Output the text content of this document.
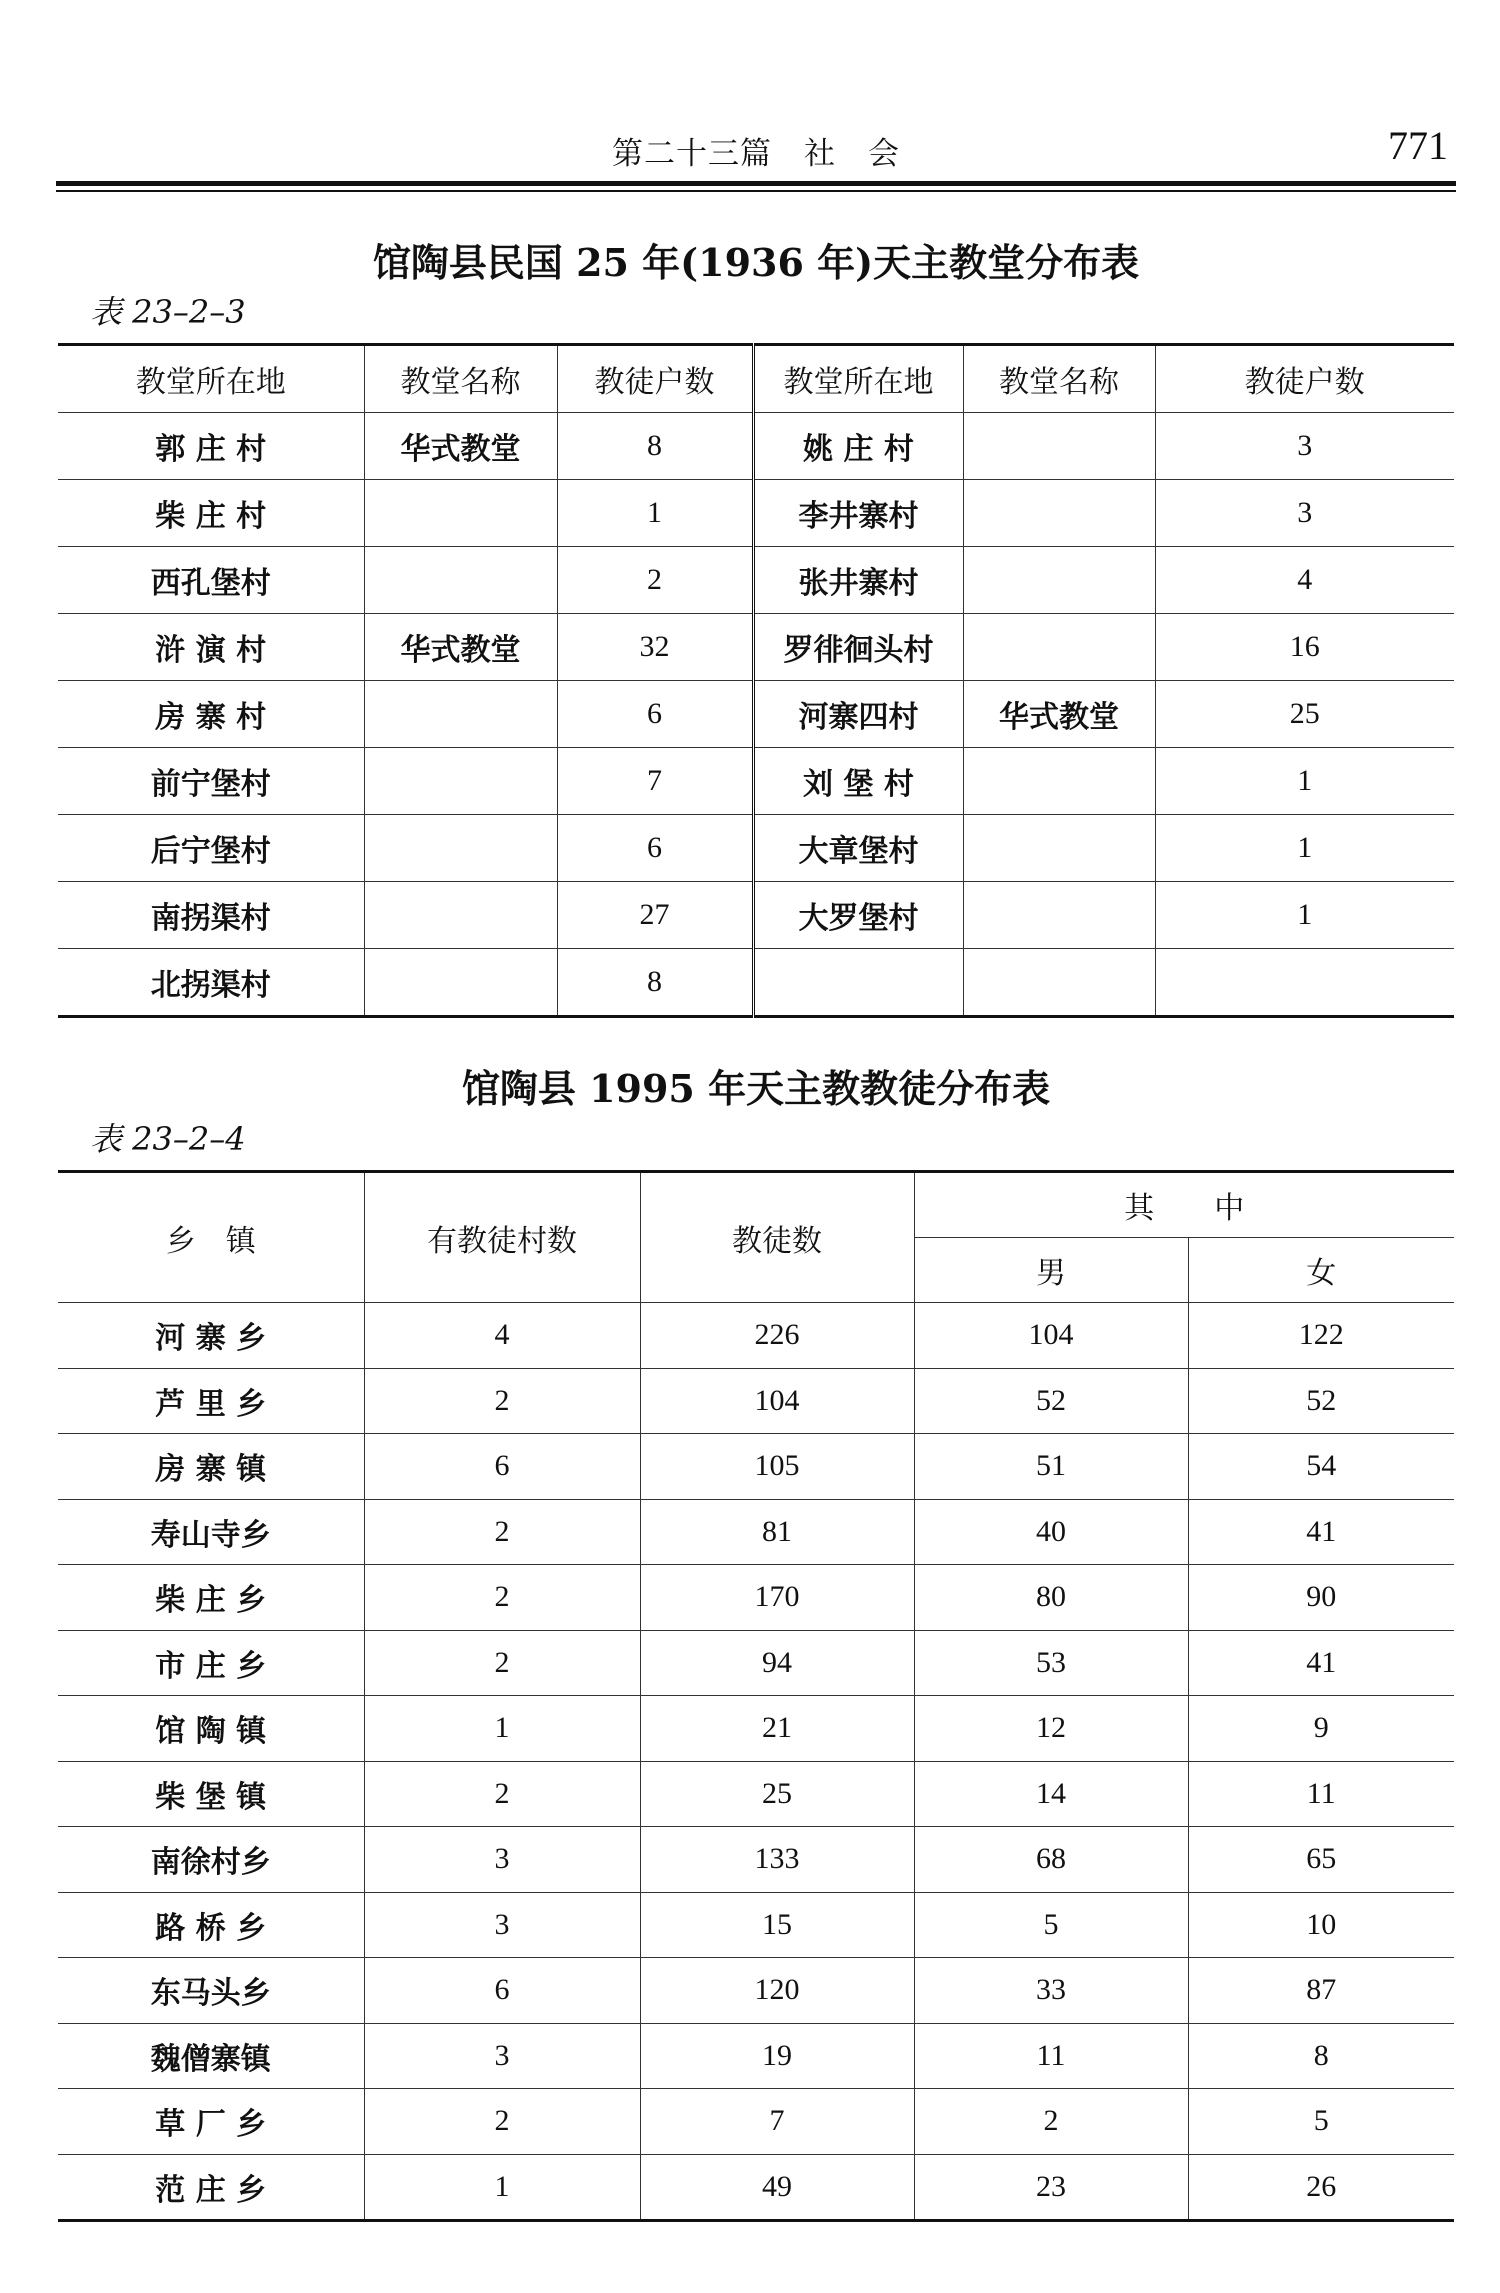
第二十三篇　社　会	771
馆陶县民国 25 年(1936 年)天主教堂分布表
表 23–2–3
教堂所在地	教堂名称	教徒户数	教堂所在地	教堂名称	教徒户数
郭 庄 村	华式教堂	8	姚 庄 村		3
柴 庄 村		1	李井寨村		3
西孔堡村		2	张井寨村		4
浒 演 村	华式教堂	32	罗徘徊头村		16
房 寨 村		6	河寨四村	华式教堂	25
前宁堡村		7	刘 堡 村		1
后宁堡村		6	大章堡村		1
南拐渠村		27	大罗堡村		1
北拐渠村		8			
馆陶县 1995 年天主教教徒分布表
表 23–2–4
乡　镇	有教徒村数	教徒数	其　　中	
			男	女
河 寨 乡	4	226	104	122
芦 里 乡	2	104	52	52
房 寨 镇	6	105	51	54
寿山寺乡	2	81	40	41
柴 庄 乡	2	170	80	90
市 庄 乡	2	94	53	41
馆 陶 镇	1	21	12	9
柴 堡 镇	2	25	14	11
南徐村乡	3	133	68	65
路 桥 乡	3	15	5	10
东马头乡	6	120	33	87
魏僧寨镇	3	19	11	8
草 厂 乡	2	7	2	5
范 庄 乡	1	49	23	26
